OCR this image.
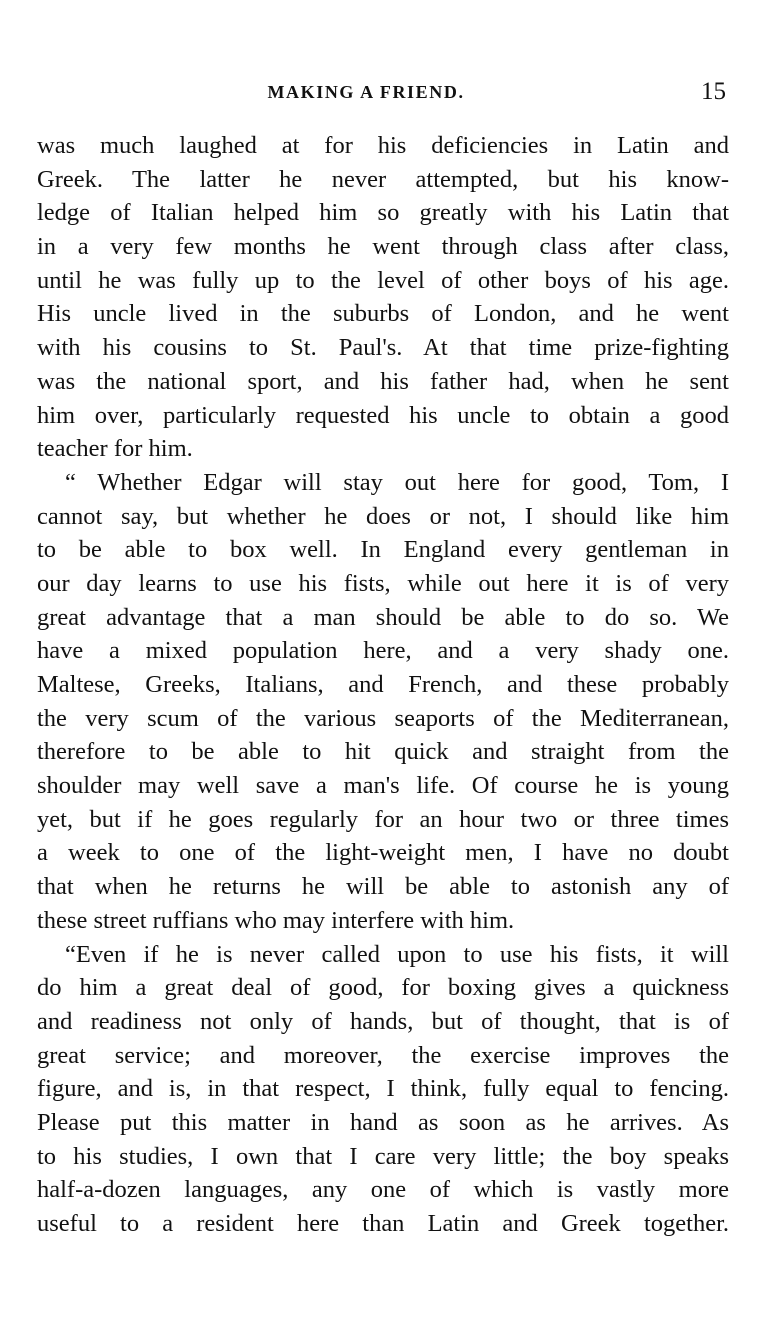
MAKING A FRIEND.	15
was much laughed at for his deficiencies in Latin and
Greek. The latter he never attempted, but his know-
ledge of Italian helped him so greatly with his Latin that
in a very few months he went through class after class,
until he was fully up to the level of other boys of his age.
His uncle lived in the suburbs of London, and he went
with his cousins to St. Paul's. At that time prize-fighting
was the national sport, and his father had, when he sent
him over, particularly requested his uncle to obtain a good
teacher for him.
“ Whether Edgar will stay out here for good, Tom, I
cannot say, but whether he does or not, I should like him
to be able to box well. In England every gentleman in
our day learns to use his fists, while out here it is of very
great advantage that a man should be able to do so. We
have a mixed population here, and a very shady one.
Maltese, Greeks, Italians, and French, and these probably
the very scum of the various seaports of the Mediterranean,
therefore to be able to hit quick and straight from the
shoulder may well save a man's life. Of course he is young
yet, but if he goes regularly for an hour two or three times
a week to one of the light-weight men, I have no doubt
that when he returns he will be able to astonish any of
these street ruffians who may interfere with him.
“Even if he is never called upon to use his fists, it will
do him a great deal of good, for boxing gives a quickness
and readiness not only of hands, but of thought, that is of
great service; and moreover, the exercise improves the
figure, and is, in that respect, I think, fully equal to fencing.
Please put this matter in hand as soon as he arrives. As
to his studies, I own that I care very little; the boy speaks
half-a-dozen languages, any one of which is vastly more
useful to a resident here than Latin and Greek together.
